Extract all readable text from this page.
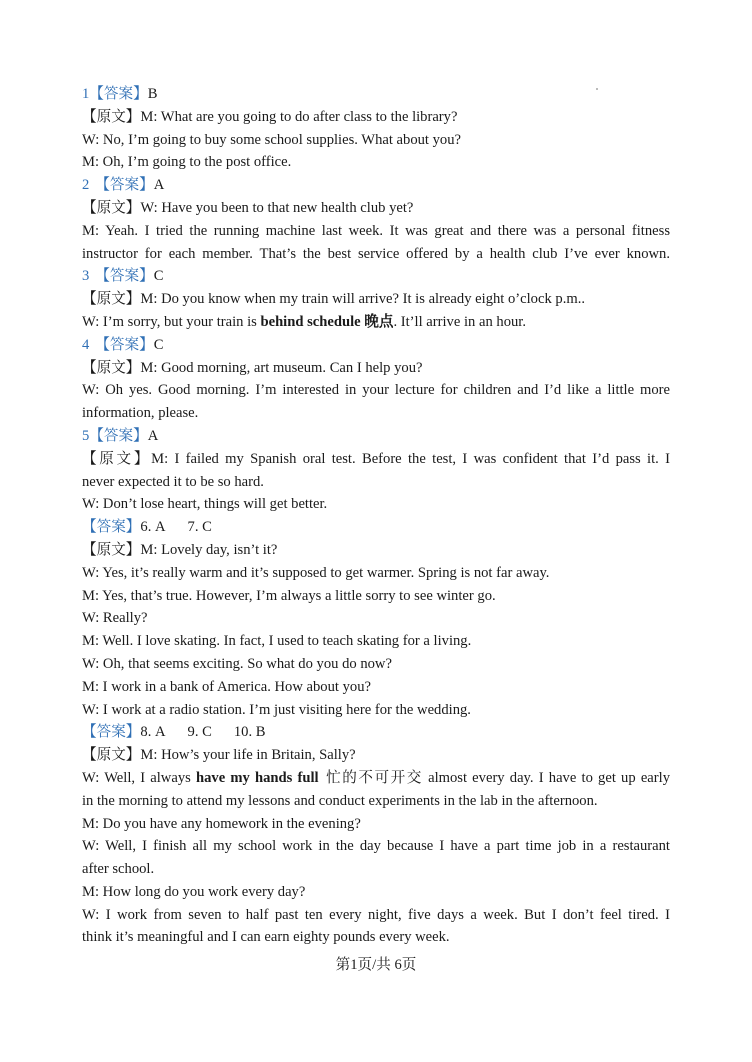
1【答案】B
【原文】M: What are you going to do after class to the library?
W: No, I’m going to buy some school supplies. What about you?
M: Oh, I’m going to the post office.
2 【答案】A
【原文】W: Have you been to that new health club yet?
M: Yeah. I tried the running machine last week. It was great and there was a personal fitness
instructor for each member. That’s the best service offered by a health club I’ve ever known.
3 【答案】C
【原文】M: Do you know when my train will arrive? It is already eight o’clock p.m..
W: I’m sorry, but your train is behind schedule 晚点. It’ll arrive in an hour.
4 【答案】C
【原文】M: Good morning, art museum. Can I help you?
W: Oh yes. Good morning. I’m interested in your lecture for children and I’d like a little more
information, please.
5【答案】A
【原文】M: I failed my Spanish oral test. Before the test, I was confident that I’d pass it. I
never expected it to be so hard.
W: Don’t lose heart, things will get better.
【答案】6. A 7. C
【原文】M: Lovely day, isn’t it?
W: Yes, it’s really warm and it’s supposed to get warmer. Spring is not far away.
M: Yes, that’s true. However, I’m always a little sorry to see winter go.
W: Really?
M: Well. I love skating. In fact, I used to teach skating for a living.
W: Oh, that seems exciting. So what do you do now?
M: I work in a bank of America. How about you?
W: I work at a radio station. I’m just visiting here for the wedding.
【答案】8. A 9. C 10. B
【原文】M: How’s your life in Britain, Sally?
W: Well, I always have my hands full 忙的不可开交 almost every day. I have to get up early
in the morning to attend my lessons and conduct experiments in the lab in the afternoon.
M: Do you have any homework in the evening?
W: Well, I finish all my school work in the day because I have a part time job in a restaurant
after school.
M: How long do you work every day?
W: I work from seven to half past ten every night, five days a week. But I don’t feel tired. I
think it’s meaningful and I can earn eighty pounds every week.
第1页/共 6页
